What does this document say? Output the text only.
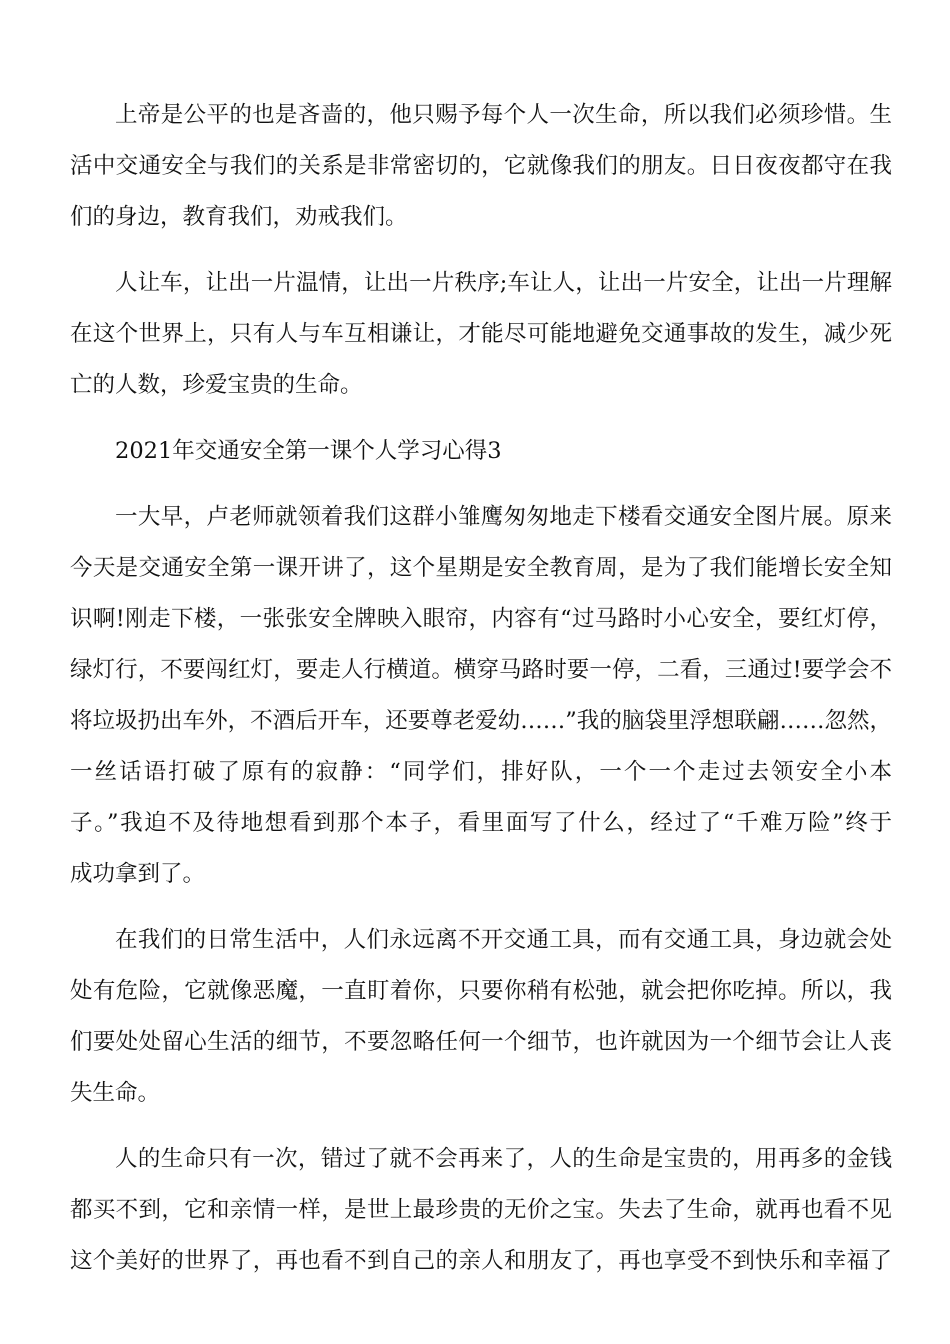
上帝是公平的也是吝啬的，他只赐予每个人一次生命，所以我们必须珍惜。生
活中交通安全与我们的关系是非常密切的，它就像我们的朋友。日日夜夜都守在我
们的身边，教育我们，劝戒我们。
人让车，让出一片温情，让出一片秩序;车让人，让出一片安全，让出一片理解
在这个世界上，只有人与车互相谦让，才能尽可能地避免交通事故的发生，减少死
亡的人数，珍爱宝贵的生命。
2021年交通安全第一课个人学习心得3
一大早，卢老师就领着我们这群小雏鹰匆匆地走下楼看交通安全图片展。原来
今天是交通安全第一课开讲了，这个星期是安全教育周，是为了我们能增长安全知
识啊!刚走下楼，一张张安全牌映入眼帘，内容有“过马路时小心安全，要红灯停，
绿灯行，不要闯红灯，要走人行横道。横穿马路时要一停，二看，三通过!要学会不
将垃圾扔出车外，不酒后开车，还要尊老爱幼……”我的脑袋里浮想联翩……忽然，
一丝话语打破了原有的寂静：“同学们，排好队，一个一个走过去领安全小本
子。”我迫不及待地想看到那个本子，看里面写了什么，经过了“千难万险”终于
成功拿到了。
在我们的日常生活中，人们永远离不开交通工具，而有交通工具，身边就会处
处有危险，它就像恶魔，一直盯着你，只要你稍有松弛，就会把你吃掉。所以，我
们要处处留心生活的细节，不要忽略任何一个细节，也许就因为一个细节会让人丧
失生命。
人的生命只有一次，错过了就不会再来了，人的生命是宝贵的，用再多的金钱
都买不到，它和亲情一样，是世上最珍贵的无价之宝。失去了生命，就再也看不见
这个美好的世界了，再也看不到自己的亲人和朋友了，再也享受不到快乐和幸福了
